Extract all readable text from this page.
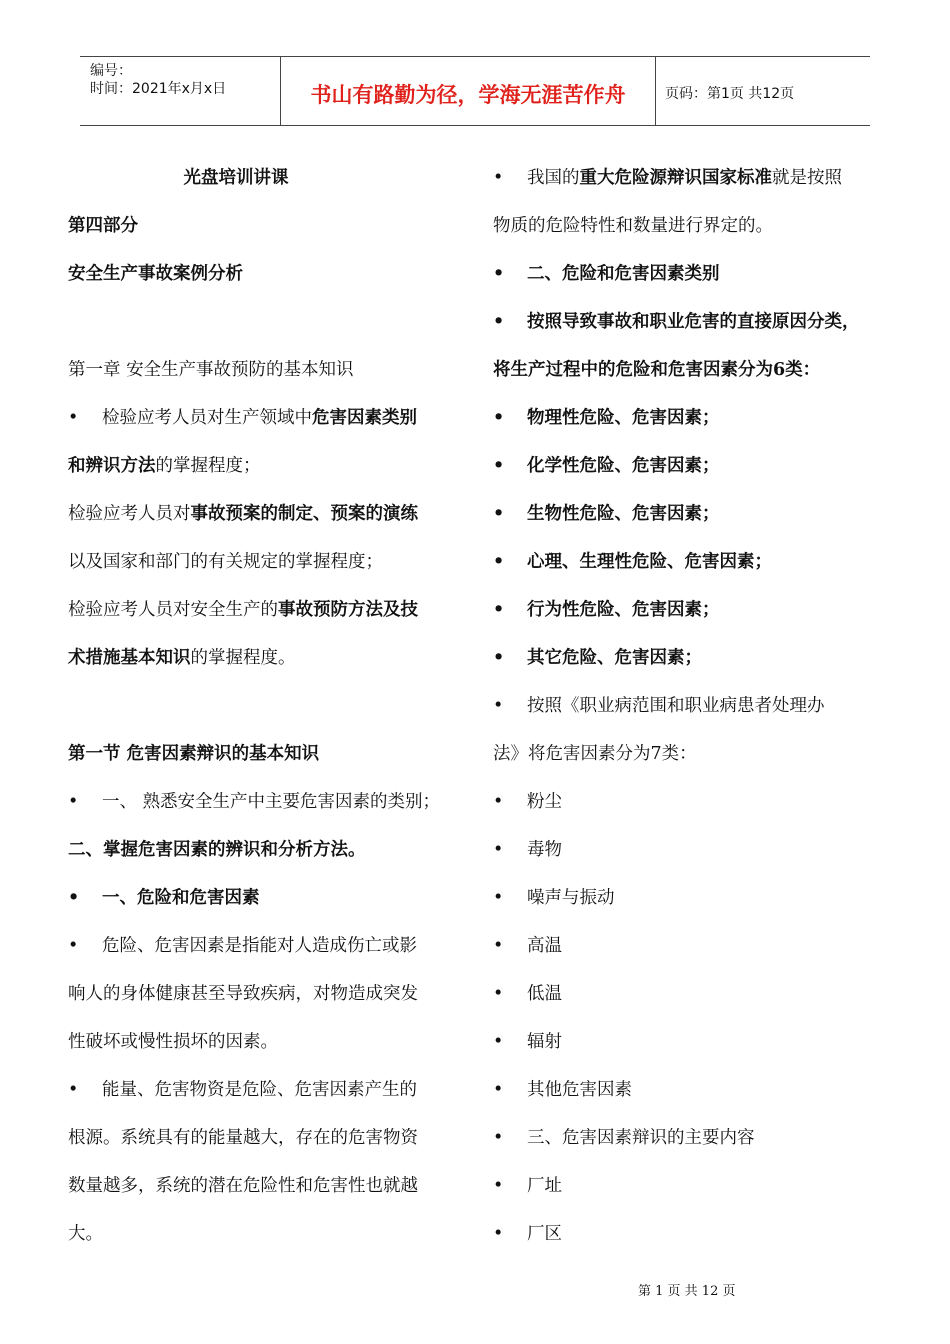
编号：
时间：2021年x月x日	书山有路勤为径，学海无涯苦作舟	页码：第1页 共12页
光盘培训讲课
第四部分
安全生产事故案例分析
第一章 安全生产事故预防的基本知识
• 检验应考人员对生产领域中危害因素类别
和辨识方法的掌握程度；
检验应考人员对事故预案的制定、预案的演练
以及国家和部门的有关规定的掌握程度；
检验应考人员对安全生产的事故预防方法及技
术措施基本知识的掌握程度。
第一节 危害因素辩识的基本知识
• 一、 熟悉安全生产中主要危害因素的类别；
二、掌握危害因素的辨识和分析方法。
• 一、危险和危害因素
• 危险、危害因素是指能对人造成伤亡或影
响人的身体健康甚至导致疾病，对物造成突发
性破坏或慢性损坏的因素。
• 能量、危害物资是危险、危害因素产生的
根源。系统具有的能量越大，存在的危害物资
数量越多，系统的潜在危险性和危害性也就越
大。
• 我国的重大危险源辩识国家标准就是按照
物质的危险特性和数量进行界定的。
• 二、危险和危害因素类别
• 按照导致事故和职业危害的直接原因分类，
将生产过程中的危险和危害因素分为6类：
• 物理性危险、危害因素；
• 化学性危险、危害因素；
• 生物性危险、危害因素；
• 心理、生理性危险、危害因素；
• 行为性危险、危害因素；
• 其它危险、危害因素；
• 按照《职业病范围和职业病患者处理办
法》将危害因素分为7类：
• 粉尘
• 毒物
• 噪声与振动
• 高温
• 低温
• 辐射
• 其他危害因素
• 三、危害因素辩识的主要内容
• 厂址
• 厂区
第 1 页 共 12 页
